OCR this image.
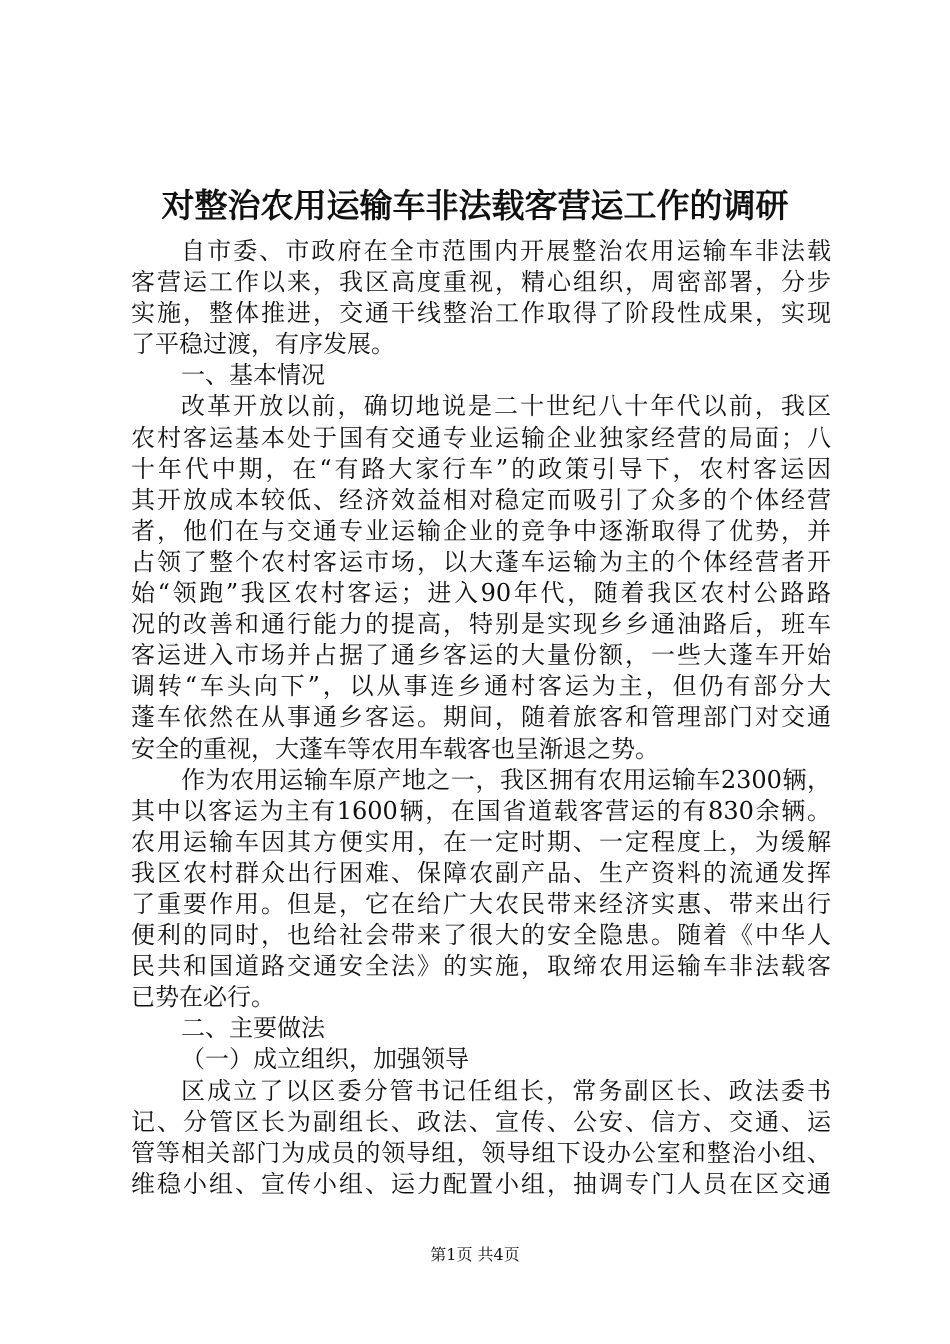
对整治农用运输车非法载客营运工作的调研
自市委、市政府在全市范围内开展整治农用运输车非法载
客营运工作以来，我区高度重视，精心组织，周密部署，分步
实施，整体推进，交通干线整治工作取得了阶段性成果，实现
了平稳过渡，有序发展。
一、基本情况
改革开放以前，确切地说是二十世纪八十年代以前，我区
农村客运基本处于国有交通专业运输企业独家经营的局面；八
十年代中期，在“有路大家行车”的政策引导下，农村客运因
其开放成本较低、经济效益相对稳定而吸引了众多的个体经营
者，他们在与交通专业运输企业的竞争中逐渐取得了优势，并
占领了整个农村客运市场，以大蓬车运输为主的个体经营者开
始“领跑”我区农村客运；进入90年代，随着我区农村公路路
况的改善和通行能力的提高，特别是实现乡乡通油路后，班车
客运进入市场并占据了通乡客运的大量份额，一些大蓬车开始
调转“车头向下”，以从事连乡通村客运为主，但仍有部分大
蓬车依然在从事通乡客运。期间，随着旅客和管理部门对交通
安全的重视，大蓬车等农用车载客也呈渐退之势。
作为农用运输车原产地之一，我区拥有农用运输车2300辆，
其中以客运为主有1600辆，在国省道载客营运的有830余辆。
农用运输车因其方便实用，在一定时期、一定程度上，为缓解
我区农村群众出行困难、保障农副产品、生产资料的流通发挥
了重要作用。但是，它在给广大农民带来经济实惠、带来出行
便利的同时，也给社会带来了很大的安全隐患。随着《中华人
民共和国道路交通安全法》的实施，取缔农用运输车非法载客
已势在必行。
二、主要做法
（一）成立组织，加强领导
区成立了以区委分管书记任组长，常务副区长、政法委书
记、分管区长为副组长、政法、宣传、公安、信方、交通、运
管等相关部门为成员的领导组，领导组下设办公室和整治小组、
维稳小组、宣传小组、运力配置小组，抽调专门人员在区交通
第1页 共4页
